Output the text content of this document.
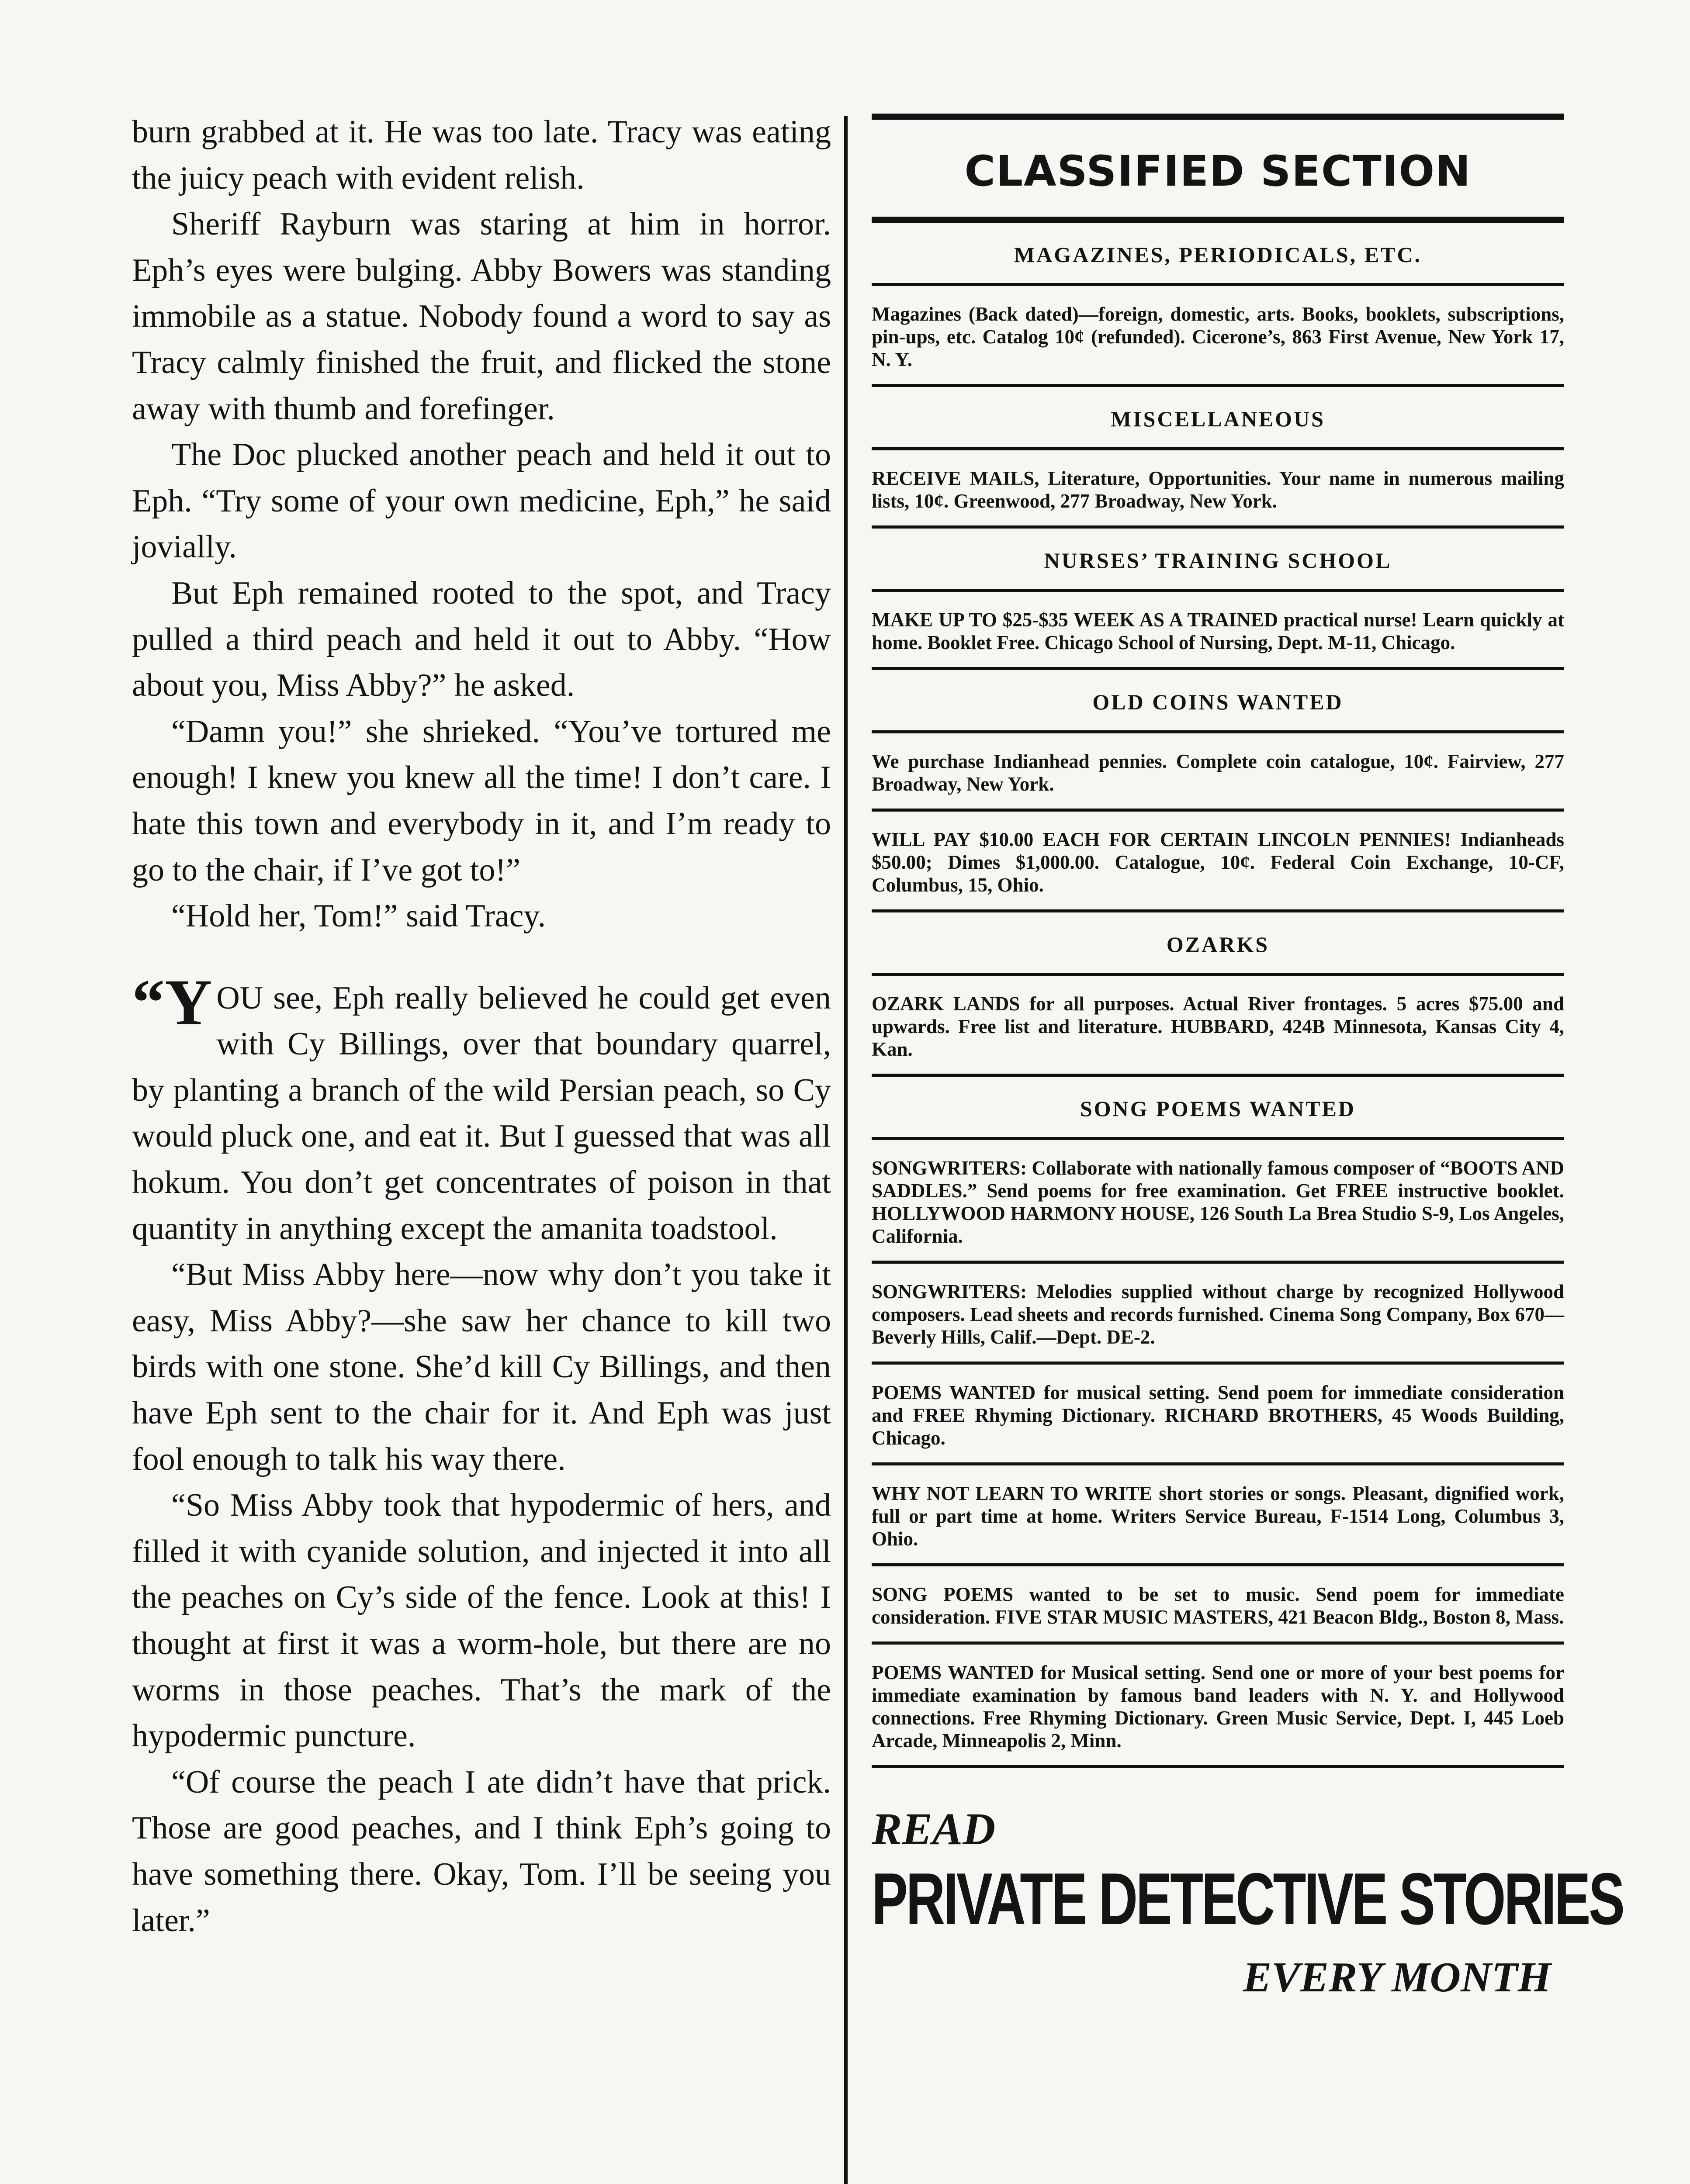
burn grabbed at it. He was too late. Tracy was eating the juicy peach with evident relish.

Sheriff Rayburn was staring at him in horror. Eph’s eyes were bulging. Abby Bowers was standing immobile as a statue. Nobody found a word to say as Tracy calmly finished the fruit, and flicked the stone away with thumb and forefinger.

The Doc plucked another peach and held it out to Eph. “Try some of your own medicine, Eph,” he said jovially.

But Eph remained rooted to the spot, and Tracy pulled a third peach and held it out to Abby. “How about you, Miss Abby?” he asked.

“Damn you!” she shrieked. “You’ve tortured me enough! I knew you knew all the time! I don’t care. I hate this town and everybody in it, and I’m ready to go to the chair, if I’ve got to!”

“Hold her, Tom!” said Tracy.

“YOU see, Eph really believed he could get even with Cy Billings, over that boundary quarrel, by planting a branch of the wild Persian peach, so Cy would pluck one, and eat it. But I guessed that was all hokum. You don’t get concentrates of poison in that quantity in anything except the amanita toadstool.

“But Miss Abby here—now why don’t you take it easy, Miss Abby?—she saw her chance to kill two birds with one stone. She’d kill Cy Billings, and then have Eph sent to the chair for it. And Eph was just fool enough to talk his way there.

“So Miss Abby took that hypodermic of hers, and filled it with cyanide solution, and injected it into all the peaches on Cy’s side of the fence. Look at this! I thought at first it was a worm-hole, but there are no worms in those peaches. That’s the mark of the hypodermic puncture.

“Of course the peach I ate didn’t have that prick. Those are good peaches, and I think Eph’s going to have something there. Okay, Tom. I’ll be seeing you later.”

CLASSIFIED SECTION
MAGAZINES, PERIODICALS, ETC.

Magazines (Back dated)—foreign, domestic, arts. Books, booklets, subscriptions, pin-ups, etc. Catalog 10¢ (refunded). Cicerone’s, 863 First Avenue, New York 17, N. Y.

MISCELLANEOUS

RECEIVE MAILS, Literature, Opportunities. Your name in numerous mailing lists, 10¢. Greenwood, 277 Broadway, New York.

NURSES’ TRAINING SCHOOL

MAKE UP TO $25-$35 WEEK AS A TRAINED practical nurse! Learn quickly at home. Booklet Free. Chicago School of Nursing, Dept. M-11, Chicago.

OLD COINS WANTED

We purchase Indianhead pennies. Complete coin catalogue, 10¢. Fairview, 277 Broadway, New York.

WILL PAY $10.00 EACH FOR CERTAIN LINCOLN PENNIES! Indianheads $50.00; Dimes $1,000.00. Catalogue, 10¢. Federal Coin Exchange, 10-CF, Columbus, 15, Ohio.

OZARKS

OZARK LANDS for all purposes. Actual River frontages. 5 acres $75.00 and upwards. Free list and literature. HUBBARD, 424B Minnesota, Kansas City 4, Kan.

SONG POEMS WANTED

SONGWRITERS: Collaborate with nationally famous composer of “BOOTS AND SADDLES.” Send poems for free examination. Get FREE instructive booklet. HOLLYWOOD HARMONY HOUSE, 126 South La Brea Studio S-9, Los Angeles, California.

SONGWRITERS: Melodies supplied without charge by recognized Hollywood composers. Lead sheets and records furnished. Cinema Song Company, Box 670—Beverly Hills, Calif.—Dept. DE-2.

POEMS WANTED for musical setting. Send poem for immediate consideration and FREE Rhyming Dictionary. RICHARD BROTHERS, 45 Woods Building, Chicago.

WHY NOT LEARN TO WRITE short stories or songs. Pleasant, dignified work, full or part time at home. Writers Service Bureau, F-1514 Long, Columbus 3, Ohio.

SONG POEMS wanted to be set to music. Send poem for immediate consideration. FIVE STAR MUSIC MASTERS, 421 Beacon Bldg., Boston 8, Mass.

POEMS WANTED for Musical setting. Send one or more of your best poems for immediate examination by famous band leaders with N. Y. and Hollywood connections. Free Rhyming Dictionary. Green Music Service, Dept. I, 445 Loeb Arcade, Minneapolis 2, Minn.

READ
PRIVATE DETECTIVE STORIES
EVERY MONTH
